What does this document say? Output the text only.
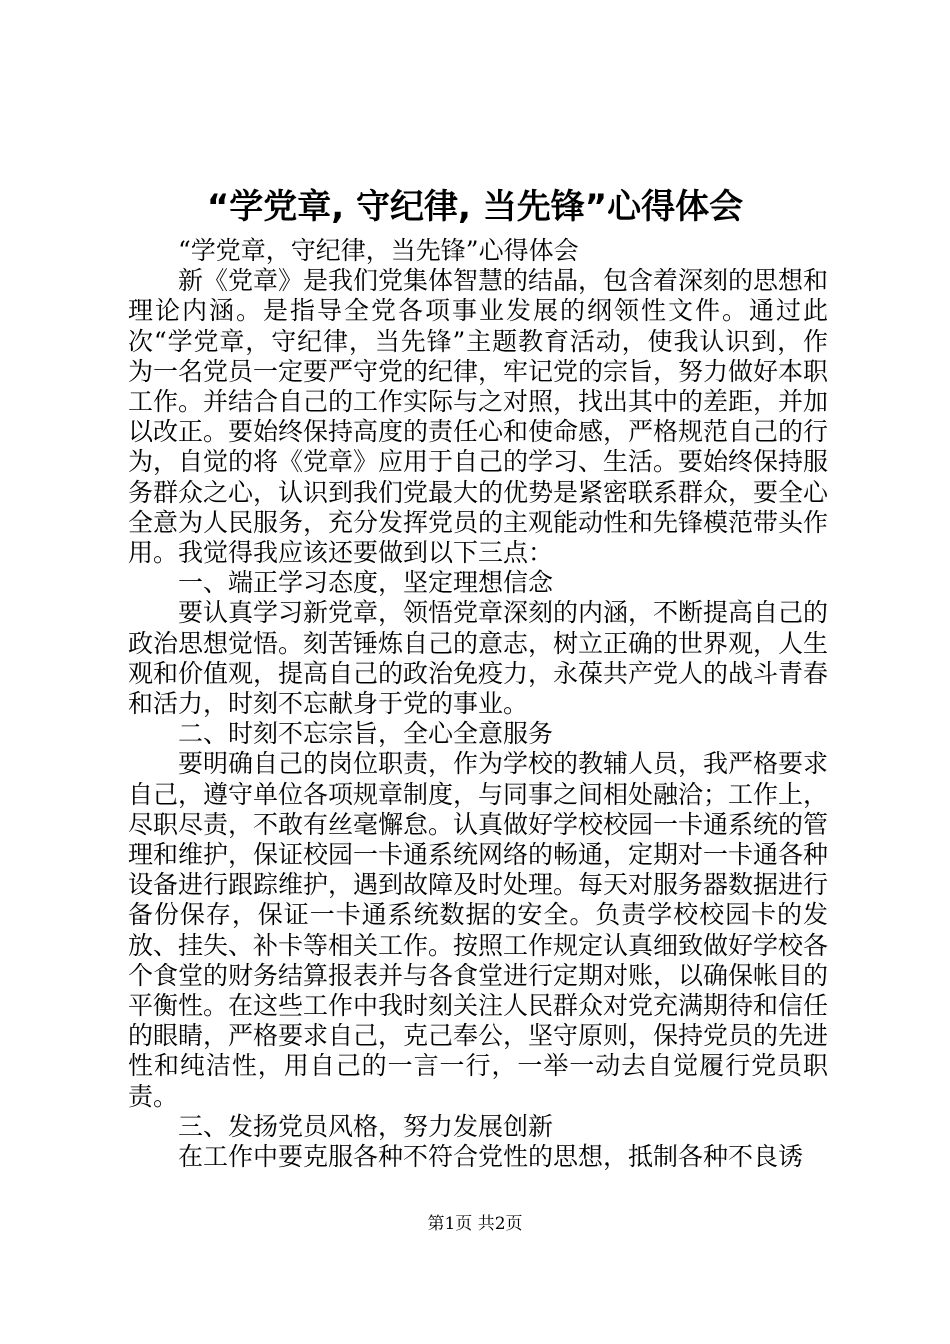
“学党章, 守纪律, 当先锋”心得体会

“学党章，守纪律，当先锋”心得体会

新《党章》是我们党集体智慧的结晶，包含着深刻的思想和理论内涵。是指导全党各项事业发展的纲领性文件。通过此次“学党章，守纪律，当先锋”主题教育活动，使我认识到，作为一名党员一定要严守党的纪律，牢记党的宗旨，努力做好本职工作。并结合自己的工作实际与之对照，找出其中的差距，并加以改正。要始终保持高度的责任心和使命感，严格规范自己的行为，自觉的将《党章》应用于自己的学习、生活。要始终保持服务群众之心，认识到我们党最大的优势是紧密联系群众，要全心全意为人民服务，充分发挥党员的主观能动性和先锋模范带头作用。我觉得我应该还要做到以下三点：

一、端正学习态度，坚定理想信念

要认真学习新党章，领悟党章深刻的内涵，不断提高自己的政治思想觉悟。刻苦锤炼自己的意志，树立正确的世界观，人生观和价值观，提高自己的政治免疫力，永葆共产党人的战斗青春和活力，时刻不忘献身于党的事业。

二、时刻不忘宗旨，全心全意服务

要明确自己的岗位职责，作为学校的教辅人员，我严格要求自己，遵守单位各项规章制度，与同事之间相处融洽；工作上，尽职尽责，不敢有丝毫懈怠。认真做好学校校园一卡通系统的管理和维护，保证校园一卡通系统网络的畅通，定期对一卡通各种设备进行跟踪维护，遇到故障及时处理。每天对服务器数据进行备份保存，保证一卡通系统数据的安全。负责学校校园卡的发放、挂失、补卡等相关工作。按照工作规定认真细致做好学校各个食堂的财务结算报表并与各食堂进行定期对账，以确保帐目的平衡性。在这些工作中我时刻关注人民群众对党充满期待和信任的眼睛，严格要求自己，克己奉公，坚守原则，保持党员的先进性和纯洁性，用自己的一言一行，一举一动去自觉履行党员职责。

三、发扬党员风格，努力发展创新

在工作中要克服各种不符合党性的思想，抵制各种不良诱

第1页 共2页
